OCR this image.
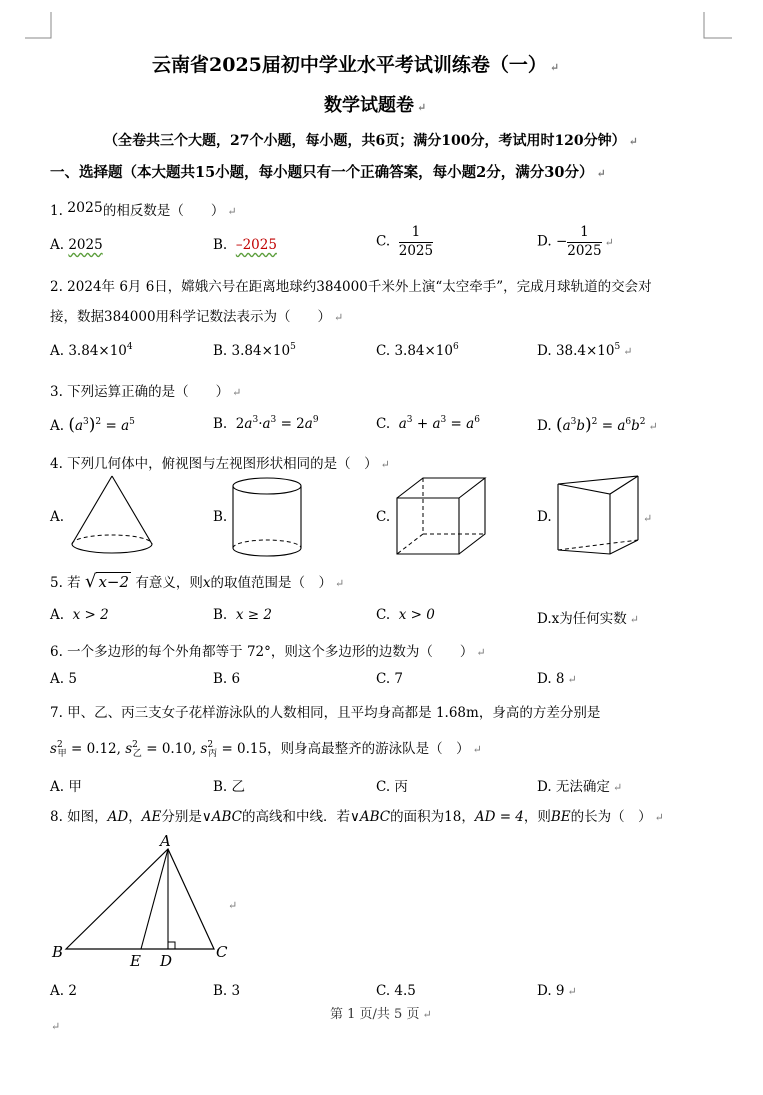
云南省2025届初中学业水平考试训练卷（一） ↵
数学试题卷 ↵
（全卷共三个大题，27个小题，每小题，共6页；满分100分，考试用时120分钟） ↵
一、选择题（本大题共15小题，每小题只有一个正确答案，每小题2分，满分30分） ↵
1. 2025的相反数是（　　） ↵
A. 2025	B. –2025	C. $\frac{1}{2025}$	D. − $\frac{1}{2025}$ ↵
2. 2024年 6月 6日，嫦娥六号在距离地球约384000千米外上演“太空牵手”，完成月球轨道的交会对
接，数据384000用科学记数法表示为（　　） ↵
A. $3.84\times 10^4$	B. $3.84\times 10^5$	C. $3.84\times 10^6$	D. $38.4\times 10^5$ ↵
3. 下列运算正确的是（　　） ↵
A. $(a^3)^2 = a^5$	B.  $2a^3\cdot a^3 = 2a^9$	C. $a^3 + a^3 = a^6$	D. $(a^3b)^2 = a^6b^2$ ↵
4. 下列几何体中，俯视图与左视图形状相同的是（　） ↵
A.	B.	C.	D.	↵
5. 若 √ x−2 有意义，则x的取值范围是（　） ↵
A. x > 2	B. x ≥ 2	C. x > 0	D.x为任何实数 ↵
6. 一个多边形的每个外角都等于 72°，则这个多边形的边数为（　　） ↵
A. 5	B. 6	C. 7	D. 8 ↵
7. 甲、乙、丙三支女子花样游泳队的人数相同，且平均身高都是 1.68m，身高的方差分别是
$s^2_甲 = 0.12$, $s^2_乙 = 0.10$, $s^2_丙 = 0.15$，则身高最整齐的游泳队是（　） ↵
A. 甲	B. 乙	C. 丙	D. 无法确定 ↵
8. 如图，AD，AE分别是∨ABC的高线和中线．若∨ABC的面积为18，AD = 4，则BE的长为（　） ↵
A
B	C
D
E
↵
A. 2	B. 3	C. 4.5	D. 9 ↵
第 1 页/共 5 页 ↵
↵
